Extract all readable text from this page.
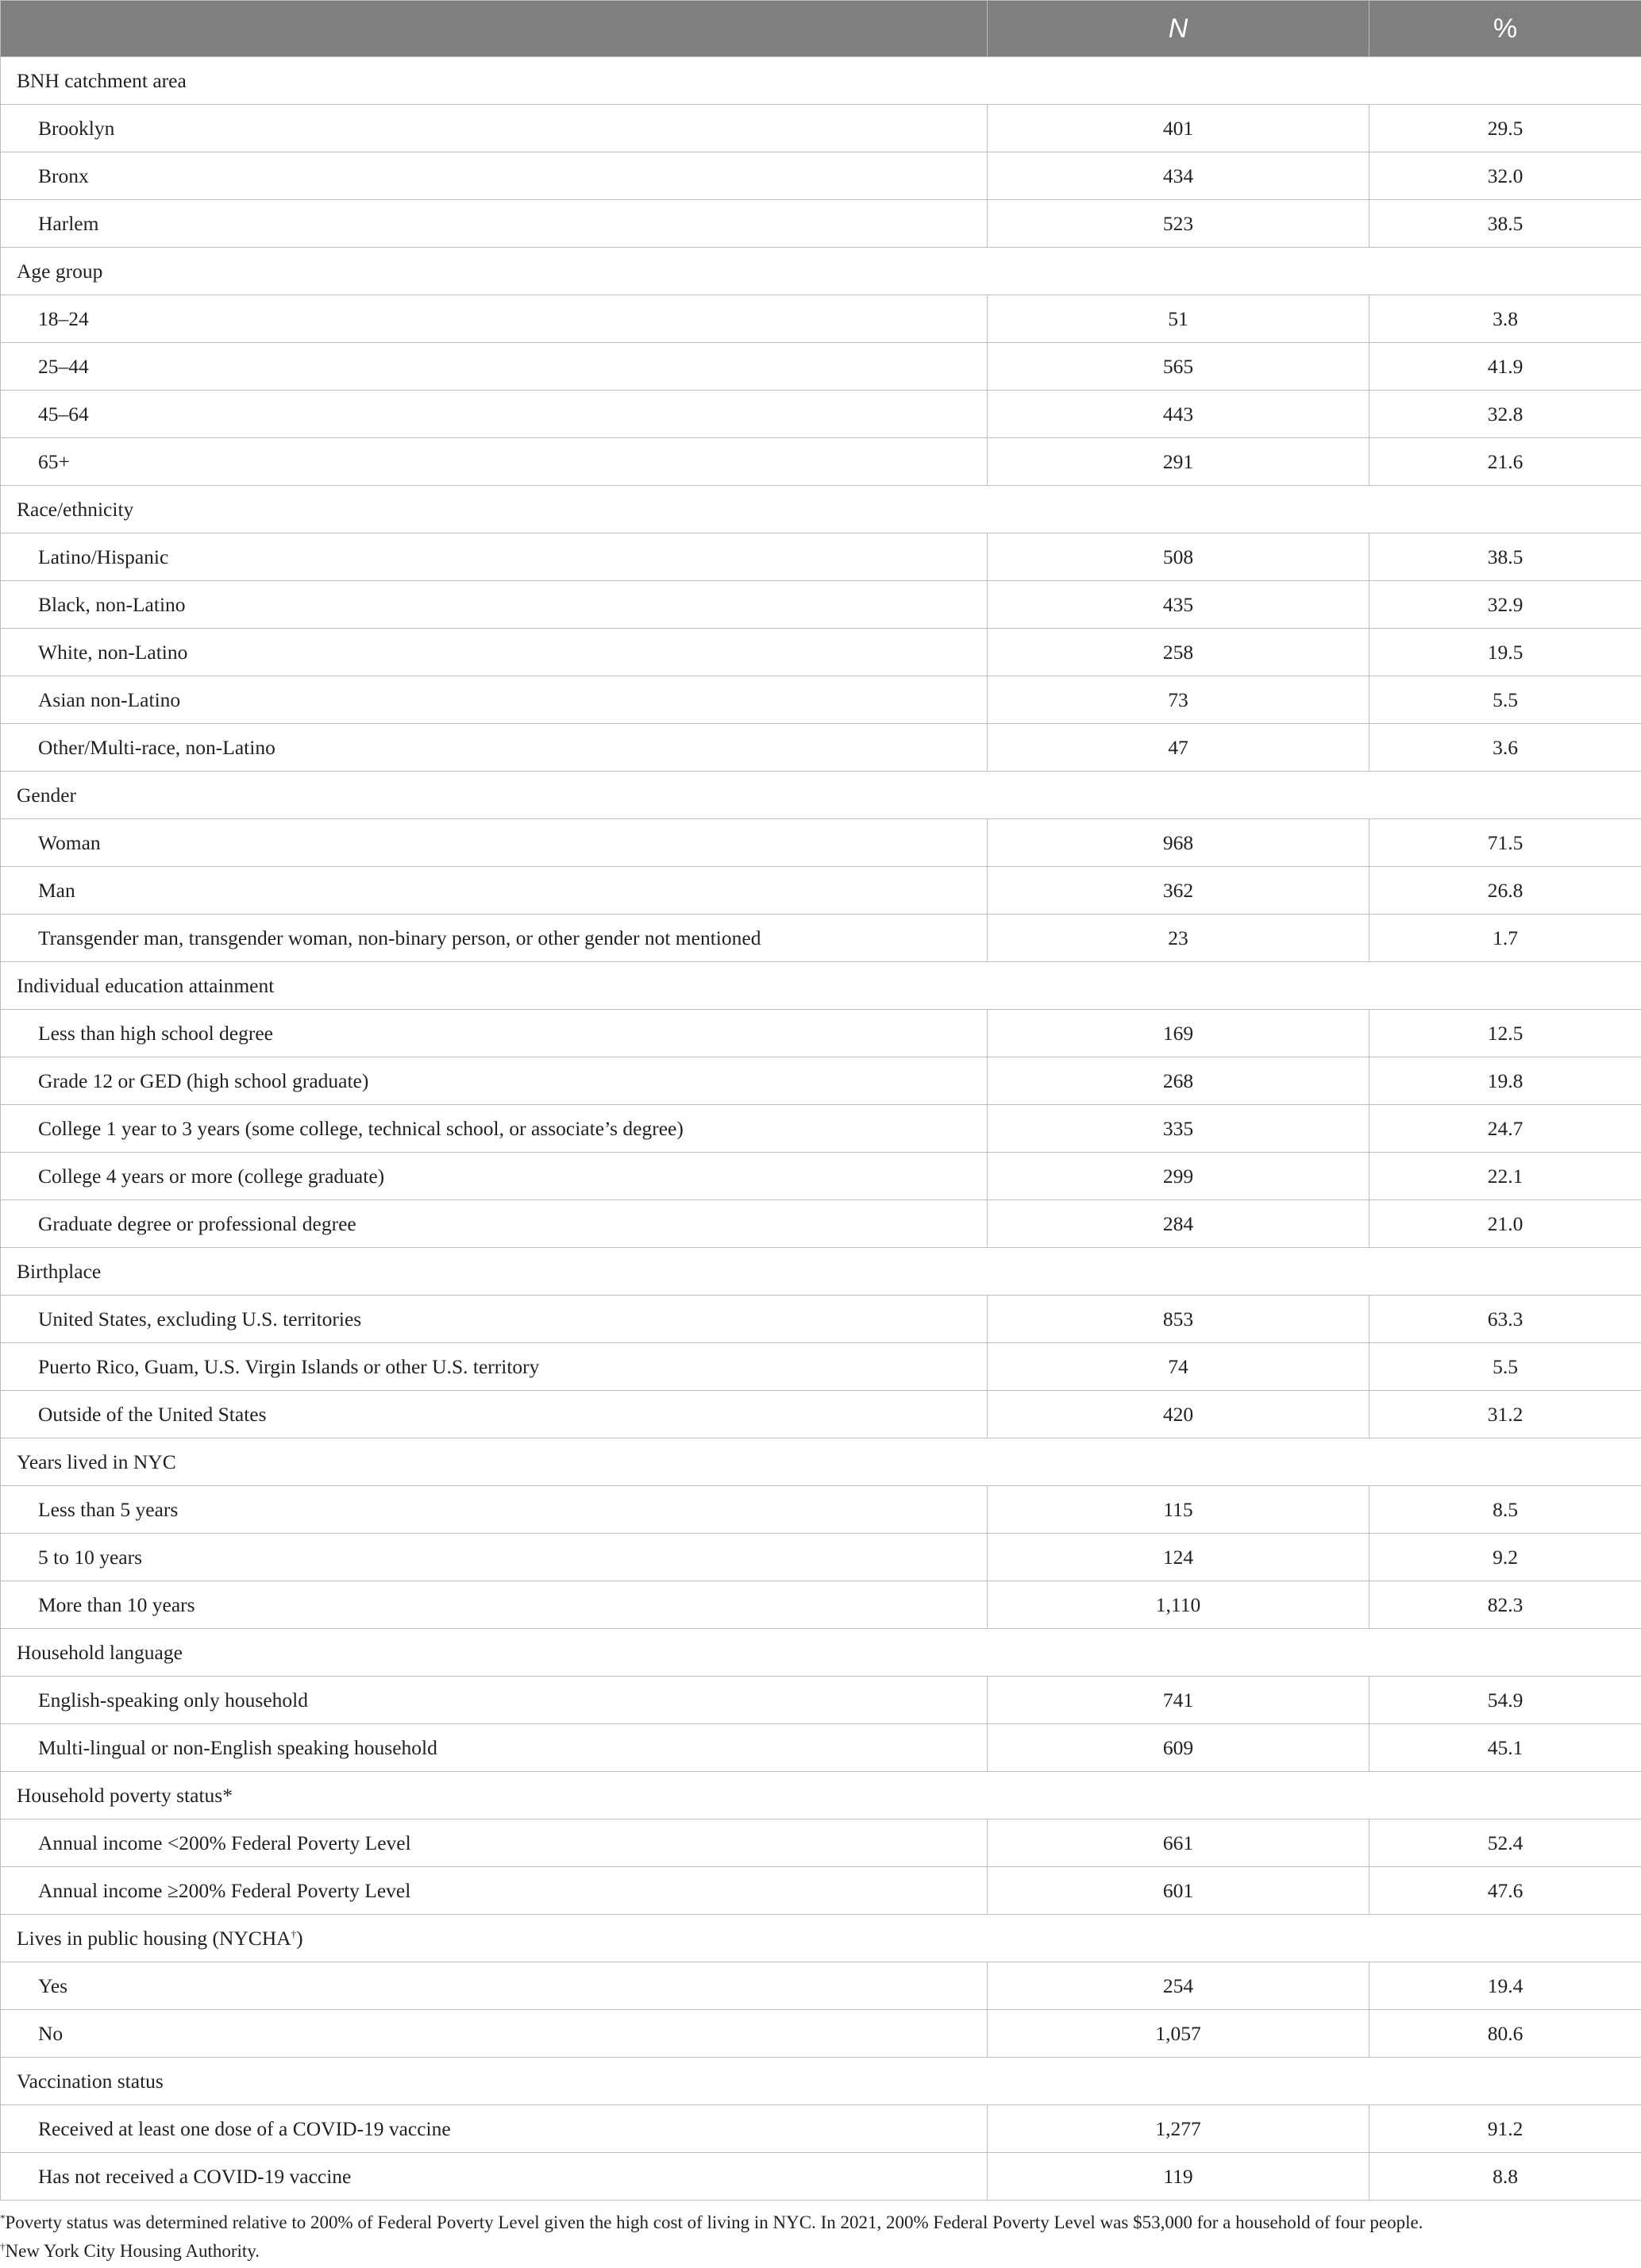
	N	%
BNH catchment area		
Brooklyn	401	29.5
Bronx	434	32.0
Harlem	523	38.5
Age group		
18–24	51	3.8
25–44	565	41.9
45–64	443	32.8
65+	291	21.6
Race/ethnicity		
Latino/Hispanic	508	38.5
Black, non-Latino	435	32.9
White, non-Latino	258	19.5
Asian non-Latino	73	5.5
Other/Multi-race, non-Latino	47	3.6
Gender		
Woman	968	71.5
Man	362	26.8
Transgender man, transgender woman, non-binary person, or other gender not mentioned	23	1.7
Individual education attainment		
Less than high school degree	169	12.5
Grade 12 or GED (high school graduate)	268	19.8
College 1 year to 3 years (some college, technical school, or associate’s degree)	335	24.7
College 4 years or more (college graduate)	299	22.1
Graduate degree or professional degree	284	21.0
Birthplace		
United States, excluding U.S. territories	853	63.3
Puerto Rico, Guam, U.S. Virgin Islands or other U.S. territory	74	5.5
Outside of the United States	420	31.2
Years lived in NYC		
Less than 5 years	115	8.5
5 to 10 years	124	9.2
More than 10 years	1,110	82.3
Household language		
English-speaking only household	741	54.9
Multi-lingual or non-English speaking household	609	45.1
Household poverty status*		
Annual income <200% Federal Poverty Level	661	52.4
Annual income ≥200% Federal Poverty Level	601	47.6
Lives in public housing (NYCHA†)		
Yes	254	19.4
No	1,057	80.6
Vaccination status		
Received at least one dose of a COVID-19 vaccine	1,277	91.2
Has not received a COVID-19 vaccine	119	8.8

*Poverty status was determined relative to 200% of Federal Poverty Level given the high cost of living in NYC. In 2021, 200% Federal Poverty Level was $53,000 for a household of four people.

†New York City Housing Authority.
